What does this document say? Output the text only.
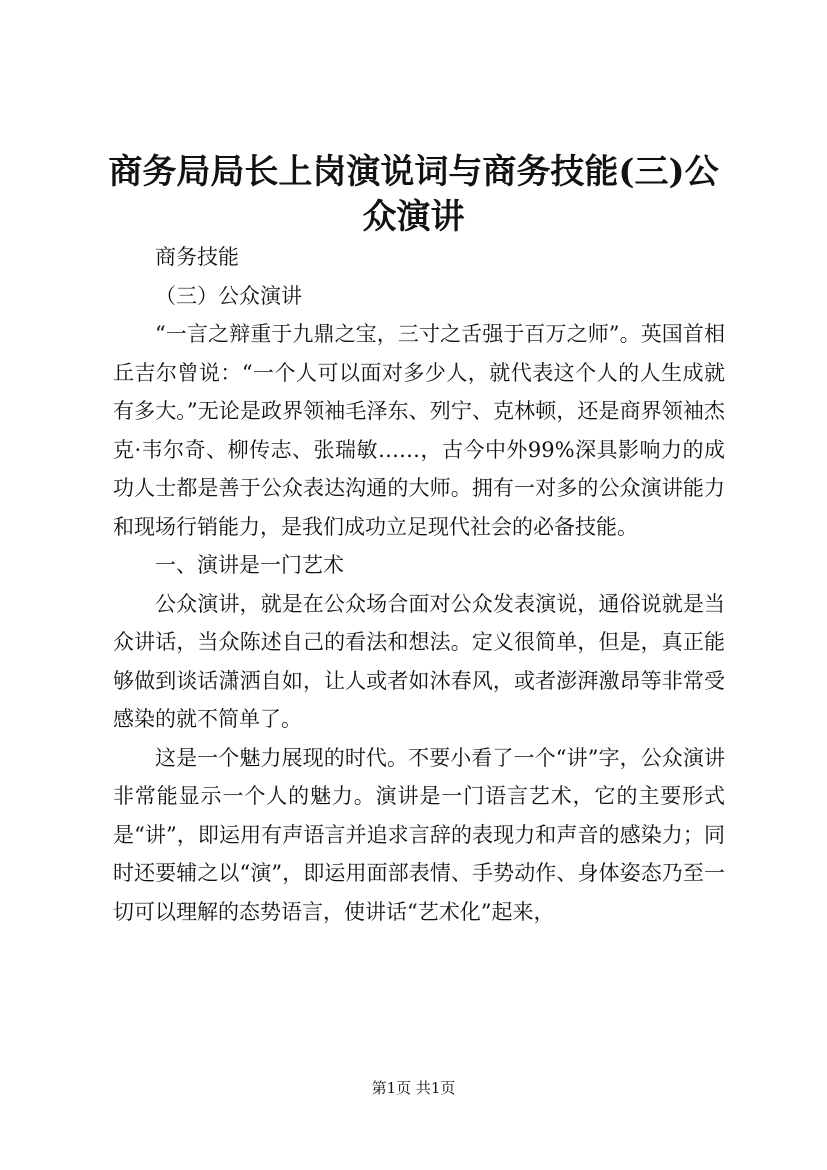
商务局局长上岗演说词与商务技能(三)公众演讲

商务技能

（三）公众演讲

“一言之辩重于九鼎之宝，三寸之舌强于百万之师”。英国首相丘吉尔曾说：“一个人可以面对多少人，就代表这个人的人生成就有多大。”无论是政界领袖毛泽东、列宁、克林顿，还是商界领袖杰克·韦尔奇、柳传志、张瑞敏……，古今中外99%深具影响力的成功人士都是善于公众表达沟通的大师。拥有一对多的公众演讲能力和现场行销能力，是我们成功立足现代社会的必备技能。

一、演讲是一门艺术

公众演讲，就是在公众场合面对公众发表演说，通俗说就是当众讲话，当众陈述自己的看法和想法。定义很简单，但是，真正能够做到谈话潇洒自如，让人或者如沐春风，或者澎湃激昂等非常受感染的就不简单了。

这是一个魅力展现的时代。不要小看了一个“讲”字，公众演讲非常能显示一个人的魅力。演讲是一门语言艺术，它的主要形式是“讲”，即运用有声语言并追求言辞的表现力和声音的感染力；同时还要辅之以“演”，即运用面部表情、手势动作、身体姿态乃至一切可以理解的态势语言，使讲话“艺术化”起来，

第1页 共1页
